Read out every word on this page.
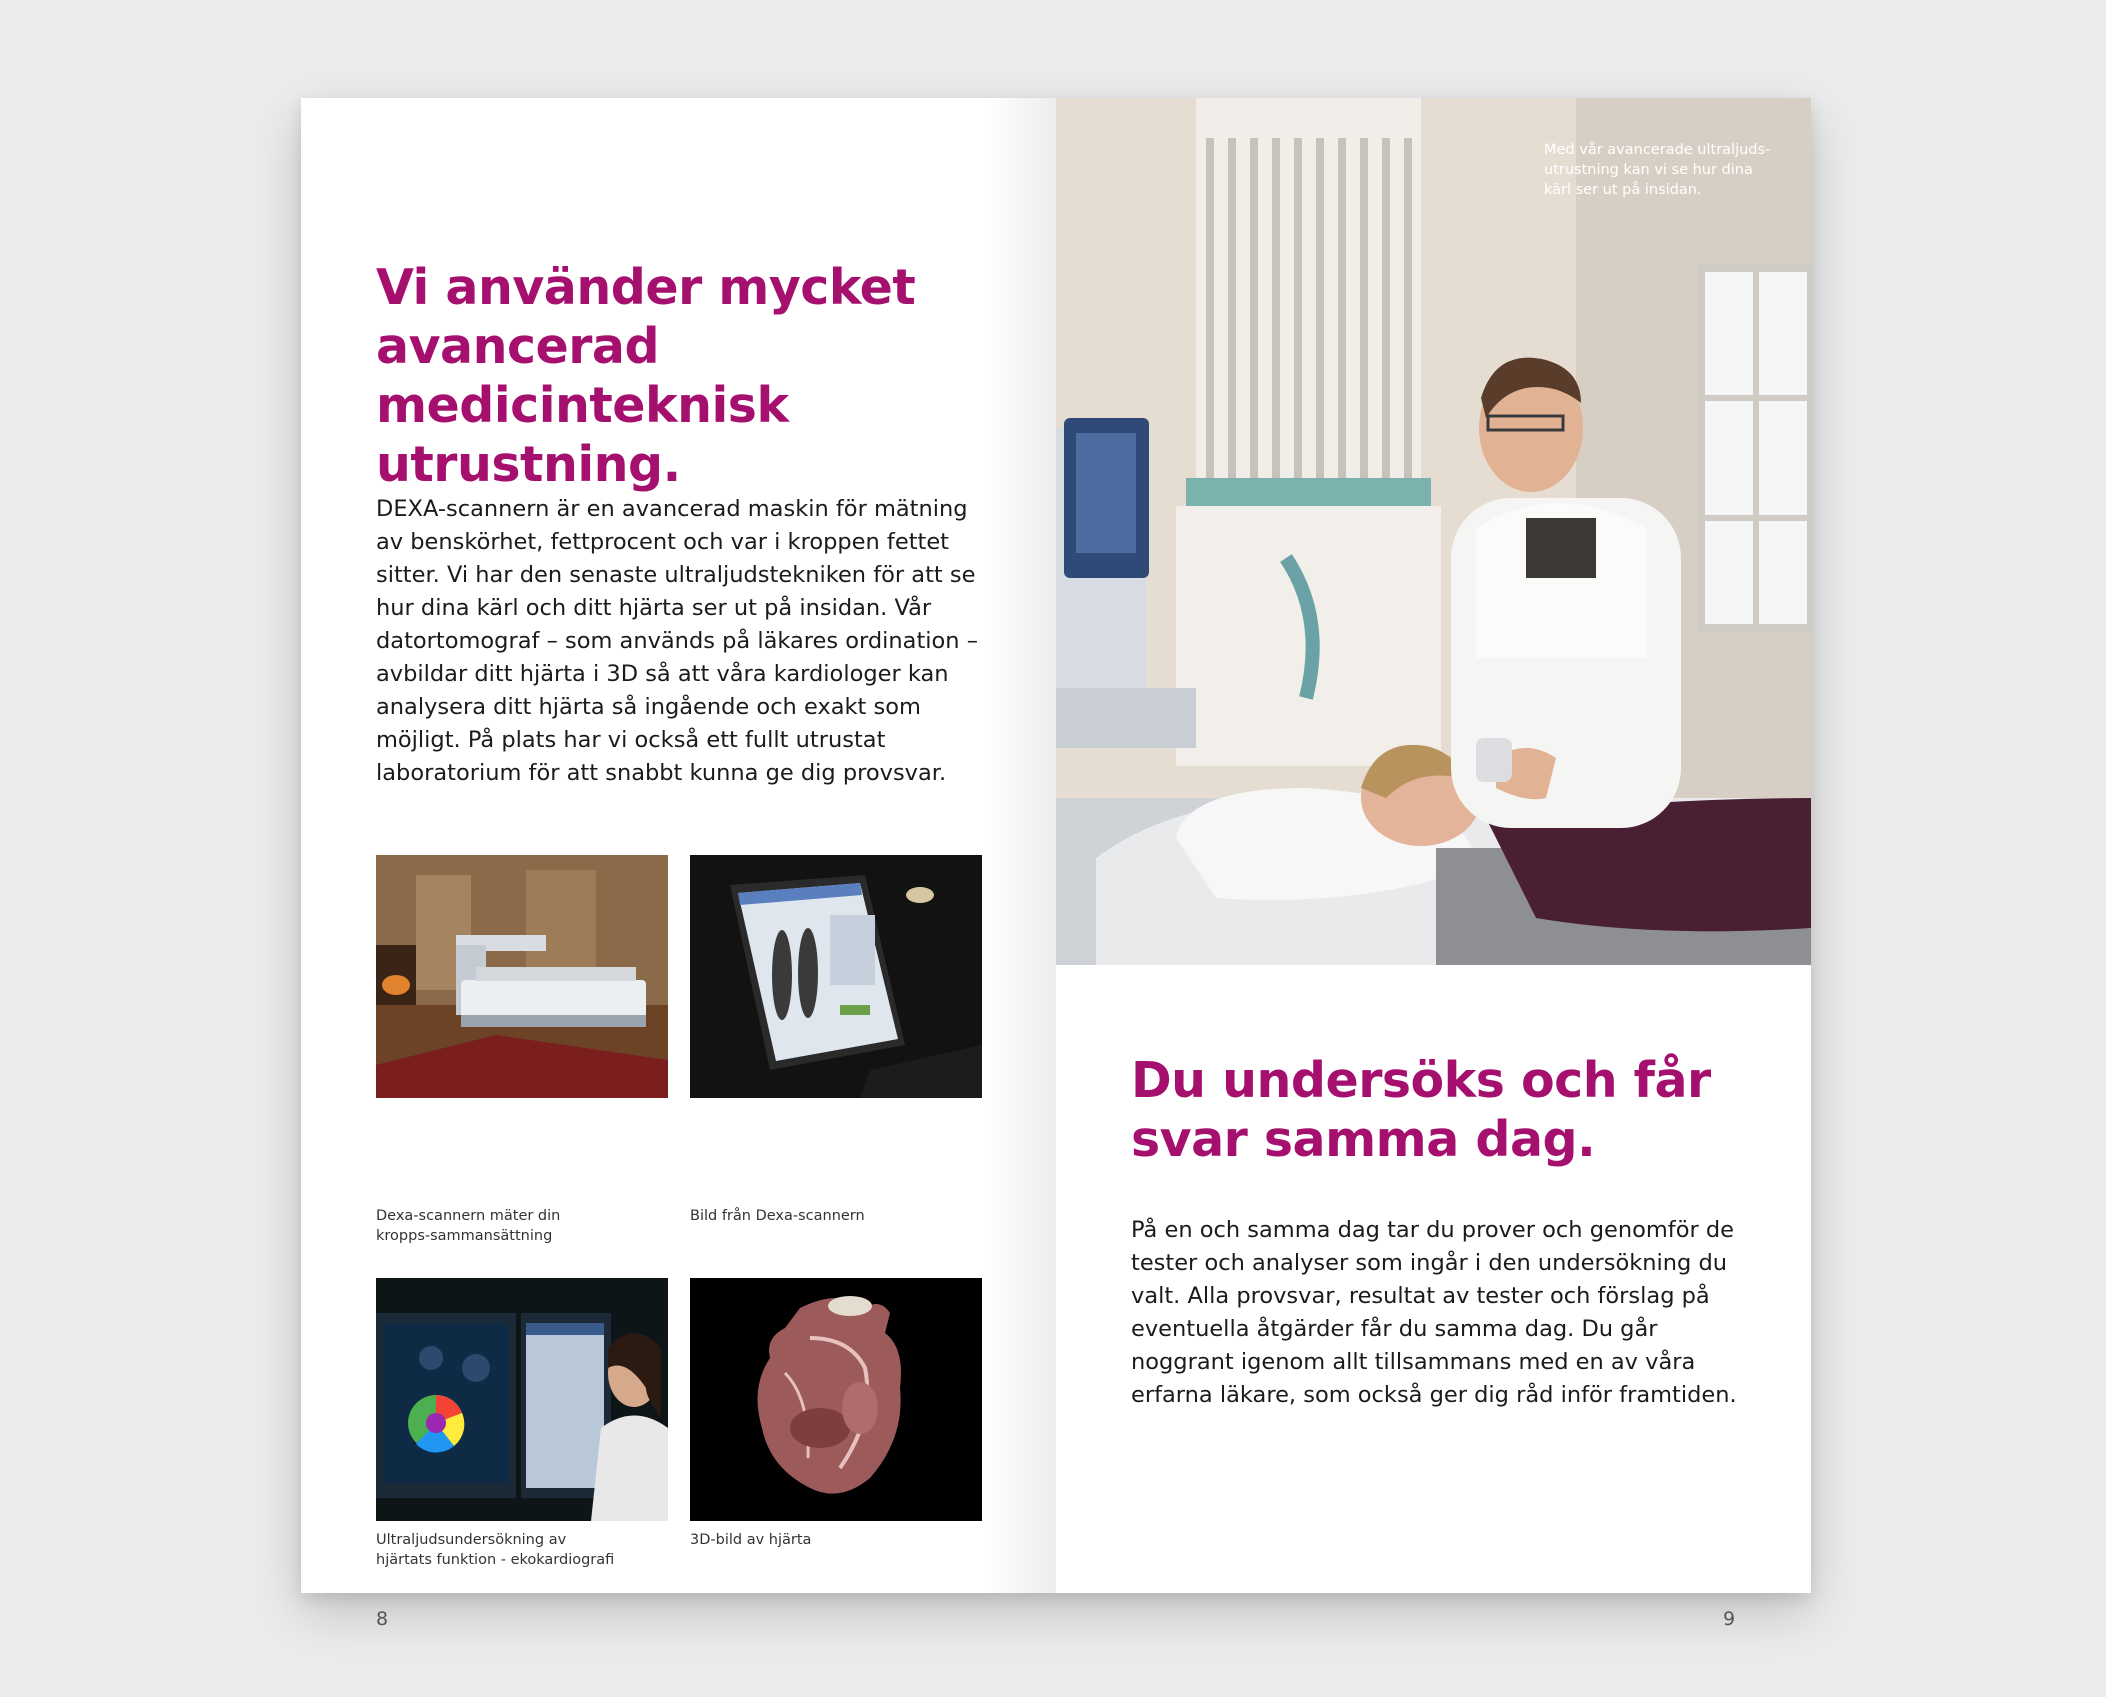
Vi använder mycket avancerad medicinteknisk utrustning.

DEXA-scannern är en avancerad maskin för mätning av benskörhet, fettprocent och var i kroppen fettet sitter. Vi har den senaste ultraljudstekniken för att se hur dina kärl och ditt hjärta ser ut på insidan. Vår datortomograf – som används på läkares ordination – avbildar ditt hjärta i 3D så att våra kardiologer kan analysera ditt hjärta så ingående och exakt som möjligt. På plats har vi också ett fullt utrustat laboratorium för att snabbt kunna ge dig provsvar.

Dexa-scannern mäter din kropps-sammansättning

Bild från Dexa-scannern

Ultraljudsundersökning av hjärtats funktion - ekokardiografi

3D-bild av hjärta

8

Med vår avancerade ultraljuds-utrustning kan vi se hur dina kärl ser ut på insidan.

Du undersöks och får svar samma dag.

På en och samma dag tar du prover och genomför de tester och analyser som ingår i den undersökning du valt. Alla provsvar, resultat av tester och förslag på eventuella åtgärder får du samma dag. Du går noggrant igenom allt tillsammans med en av våra erfarna läkare, som också ger dig råd inför framtiden.

9
